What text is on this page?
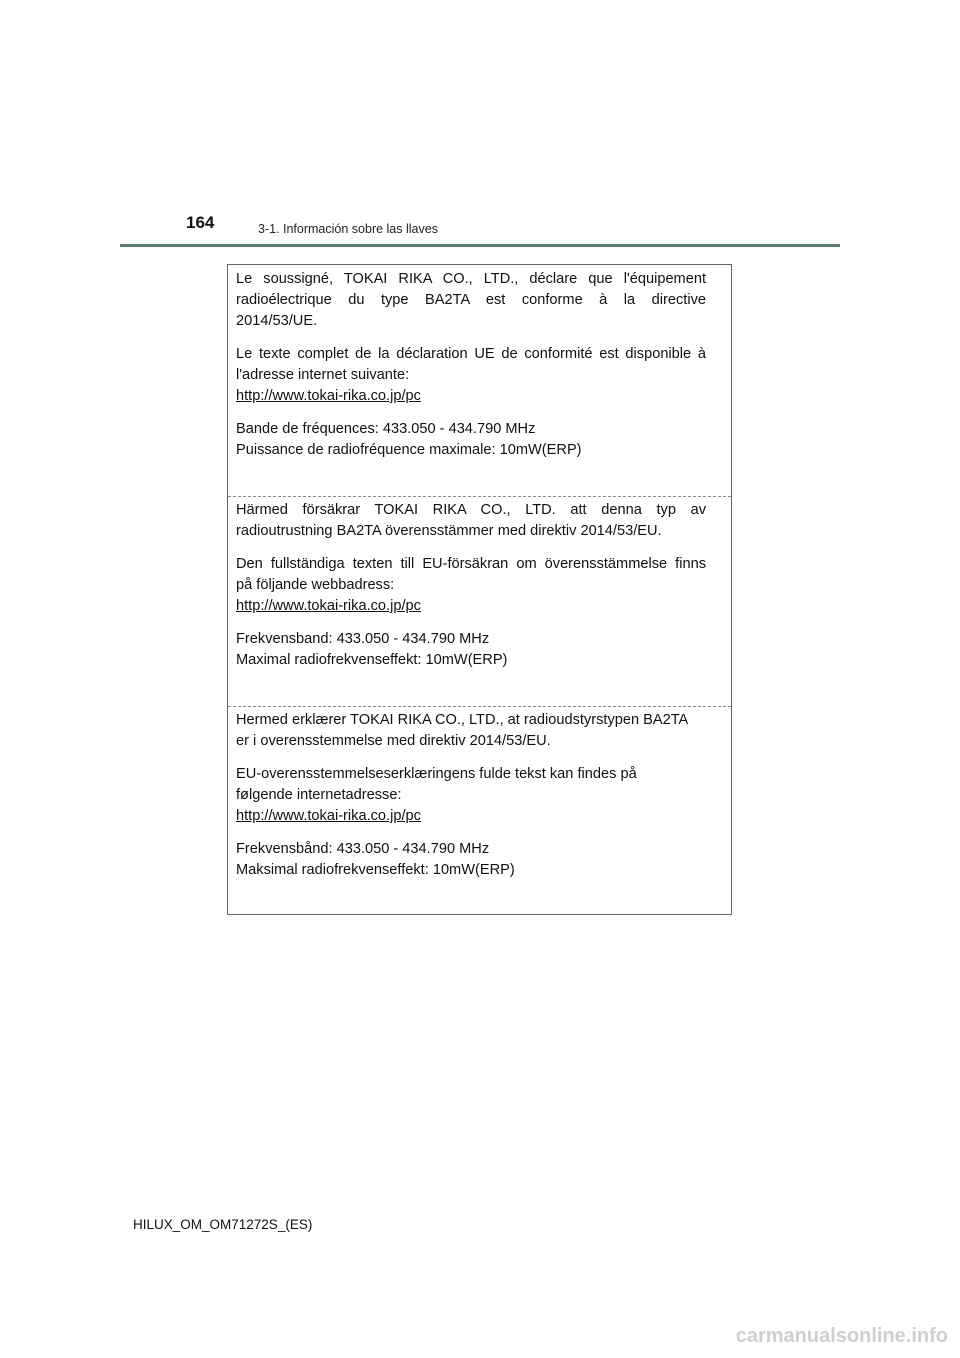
164	3-1. Información sobre las llaves

Le soussigné, TOKAI RIKA CO., LTD., déclare que l'équipement
radioélectrique du type BA2TA est conforme à la directive
2014/53/UE.

Le texte complet de la déclaration UE de conformité est disponible à
l'adresse internet suivante:
http://www.tokai-rika.co.jp/pc

Bande de fréquences: 433.050 - 434.790 MHz
Puissance de radiofréquence maximale: 10mW(ERP)

Härmed försäkrar TOKAI RIKA CO., LTD. att denna typ av
radioutrustning BA2TA överensstämmer med direktiv 2014/53/EU.

Den fullständiga texten till EU-försäkran om överensstämmelse finns
på följande webbadress:
http://www.tokai-rika.co.jp/pc

Frekvensband: 433.050 - 434.790 MHz
Maximal radiofrekvenseffekt: 10mW(ERP)

Hermed erklærer TOKAI RIKA CO., LTD., at radioudstyrstypen BA2TA
er i overensstemmelse med direktiv 2014/53/EU.

EU-overensstemmelseserklæringens fulde tekst kan findes på
følgende internetadresse:
http://www.tokai-rika.co.jp/pc

Frekvensbånd: 433.050 - 434.790 MHz
Maksimal radiofrekvenseffekt: 10mW(ERP)

HILUX_OM_OM71272S_(ES)
carmanualsonline.info
